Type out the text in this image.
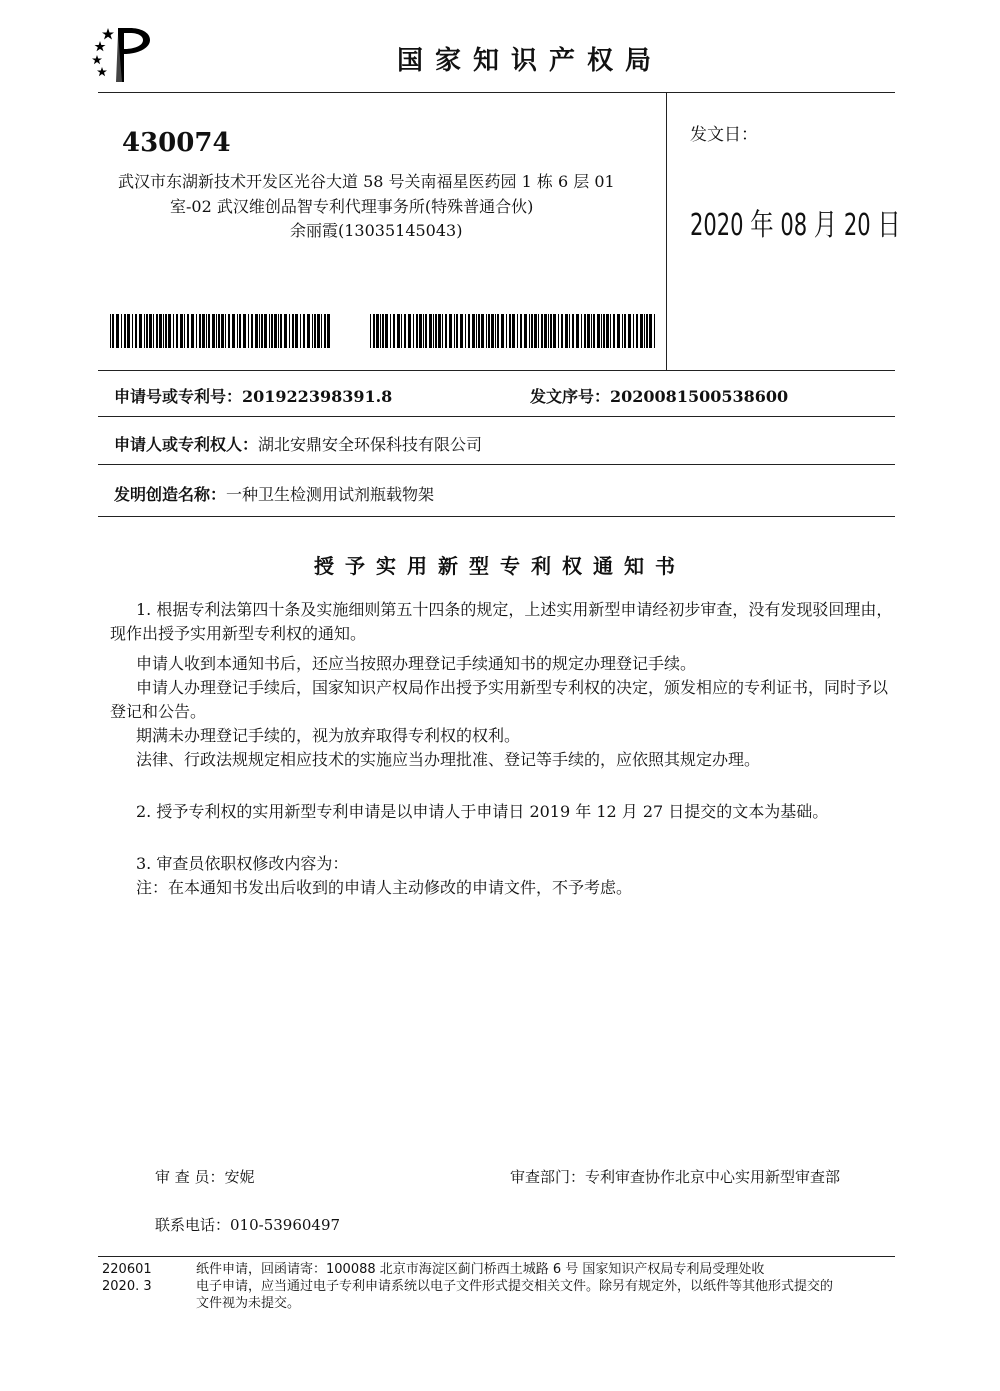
国家知识产权局
430074
武汉市东湖新技术开发区光谷大道 58 号关南福星医药园 1 栋 6 层 01
室-02 武汉维创品智专利代理事务所(特殊普通合伙)
余丽霞(13035145043)
发文日：
2020 年 08 月 20 日
申请号或专利号：201922398391.8	发文序号：2020081500538600
申请人或专利权人：湖北安鼎安全环保科技有限公司
发明创造名称：一种卫生检测用试剂瓶载物架
授予实用新型专利权通知书
1. 根据专利法第四十条及实施细则第五十四条的规定，上述实用新型申请经初步审查，没有发现驳回理由，现作出授予实用新型专利权的通知。
申请人收到本通知书后，还应当按照办理登记手续通知书的规定办理登记手续。
申请人办理登记手续后，国家知识产权局作出授予实用新型专利权的决定，颁发相应的专利证书，同时予以登记和公告。
期满未办理登记手续的，视为放弃取得专利权的权利。
法律、行政法规规定相应技术的实施应当办理批准、登记等手续的，应依照其规定办理。
2. 授予专利权的实用新型专利申请是以申请人于申请日 2019 年 12 月 27 日提交的文本为基础。
3. 审查员依职权修改内容为：
注：在本通知书发出后收到的申请人主动修改的申请文件，不予考虑。
审 查 员：安妮	审查部门：专利审查协作北京中心实用新型审查部
联系电话：010-53960497
220601
2020. 3
纸件申请，回函请寄：100088 北京市海淀区蓟门桥西土城路 6 号 国家知识产权局专利局受理处收
电子申请，应当通过电子专利申请系统以电子文件形式提交相关文件。除另有规定外，以纸件等其他形式提交的
文件视为未提交。
